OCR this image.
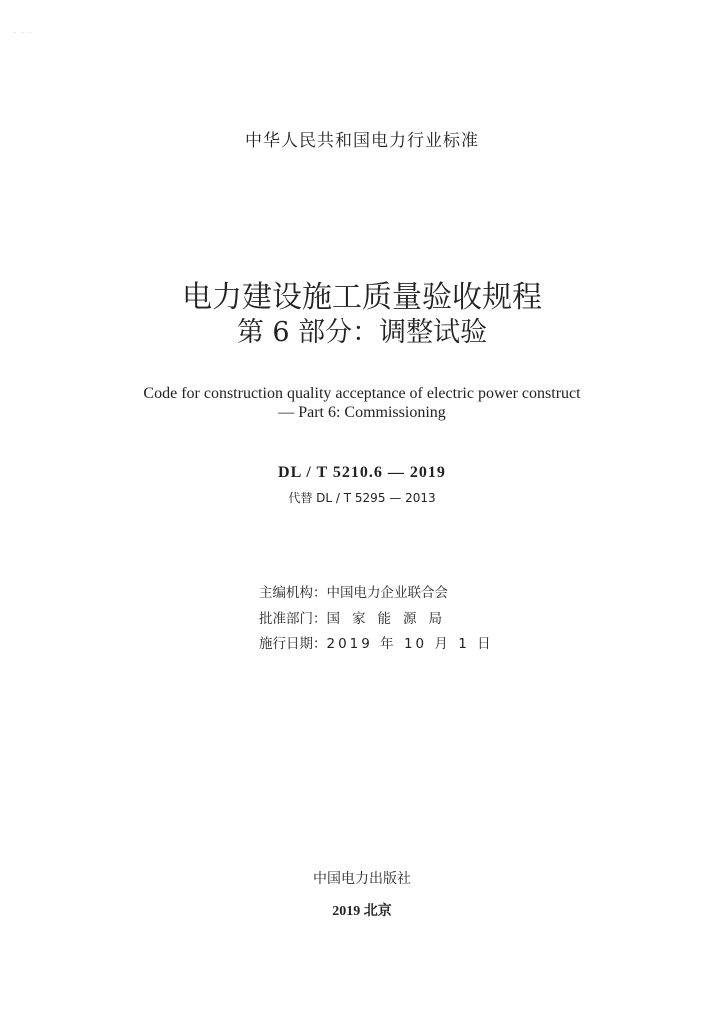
· · ·
中华人民共和国电力行业标准
电力建设施工质量验收规程
第 6 部分：调整试验
Code for construction quality acceptance of electric power construct
— Part 6: Commissioning
DL / T 5210.6 — 2019
代替 DL / T 5295 — 2013
主编机构：中国电力企业联合会
批准部门：国家能源局
施行日期：2019 年 10 月 1 日
中国电力出版社
2019 北京
